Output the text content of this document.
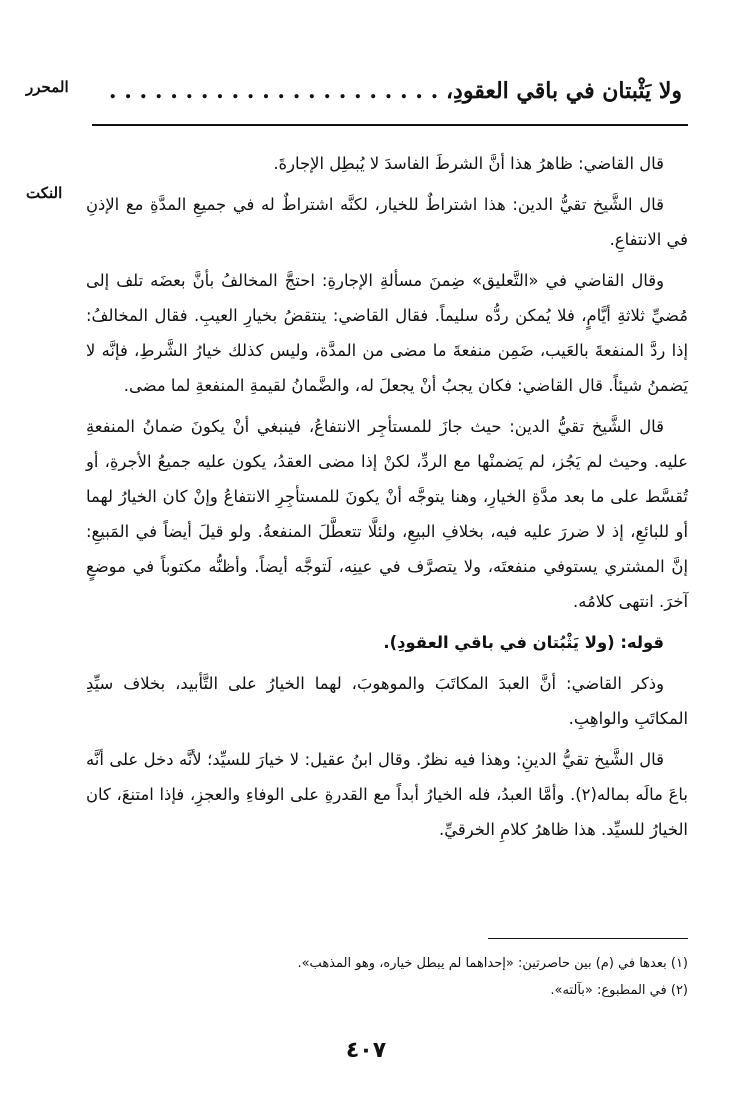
المحرر
النكت
ولا يَثْبتان في باقي العقودِ، . . . . . . . . . . . . . . . . . . . . . .

قال القاضي: ظاهرُ هذا أنَّ الشرطَ الفاسدَ لا يُبطِل الإجارةَ.

قال الشَّيخ تقيُّ الدين: هذا اشتراطٌ للخيار، لكنَّه اشتراطٌ له في جميعِ المدَّةِ مع الإذنِ في الانتفاعِ.

وقال القاضي في «التَّعليق» ضِمنَ مسألةِ الإجارةِ: احتجَّ المخالفُ بأنَّ بعضَه تلف إلى مُضيِّ ثلاثةِ أيَّامٍ، فلا يُمكن ردُّه سليماً. فقال القاضي: ينتقضُ بخيارِ العيبِ. فقال المخالفُ: إذا ردَّ المنفعةَ بالعَيب، ضَمِن منفعةَ ما مضى من المدَّة، وليس كذلك خيارُ الشَّرطِ، فإنَّه لا يَضمنُ شيئاً. قال القاضي: فكان يجبُ أنْ يجعلَ له، والضَّمانُ لقيمةِ المنفعةِ لما مضى.

قال الشَّيخ تقيُّ الدين: حيث جازَ للمستأجِر الانتفاعُ، فينبغي أنْ يكونَ ضمانُ المنفعةِ عليه. وحيث لم يَجُز، لم يَضمنْها مع الردِّ، لكنْ إذا مضى العقدُ، يكون عليه جميعُ الأجرةِ، أو تُقسَّط على ما بعد مدَّةِ الخيارِ، وهنا يتوجَّه أنْ يكونَ للمستأجِرِ الانتفاعُ وإنْ كان الخيارُ لهما أو للبائعِ، إذ لا ضررَ عليه فيه، بخلافِ البيعِ، ولئلَّا تتعطَّلَ المنفعةُ. ولو قيلَ أيضاً في المَبيعِ: إنَّ المشتري يستوفي منفعتَه، ولا يتصرَّف في عينِه، لَتوجَّه أيضاً. وأظنُّه مكتوباً في موضعٍ آخرَ. انتهى كلامُه.

قوله: (ولا يَثْبُتان في باقي العقودِ).

وذكر القاضي: أنَّ العبدَ المكاتَبَ والموهوبَ، لهما الخيارُ على التَّأبيد، بخلاف سيِّدِ المكاتَبِ والواهِبِ.

قال الشَّيخ تقيُّ الدينِ: وهذا فيه نظرٌ. وقال ابنُ عقيل: لا خيارَ للسيِّد؛ لأنَّه دخل على أنَّه باعَ مالَه بماله(٢). وأمَّا العبدُ، فله الخيارُ أبداً مع القدرةِ على الوفاءِ والعجزِ، فإذا امتنعَ، كان الخيارُ للسيِّد. هذا ظاهرُ كلامِ الخرقيِّ.

(١) بعدها في (م) بين حاصرتين: «إحداهما لم يبطل خياره، وهو المذهب».

(٢) في المطبوع: «بآلته».

٤٠٧
